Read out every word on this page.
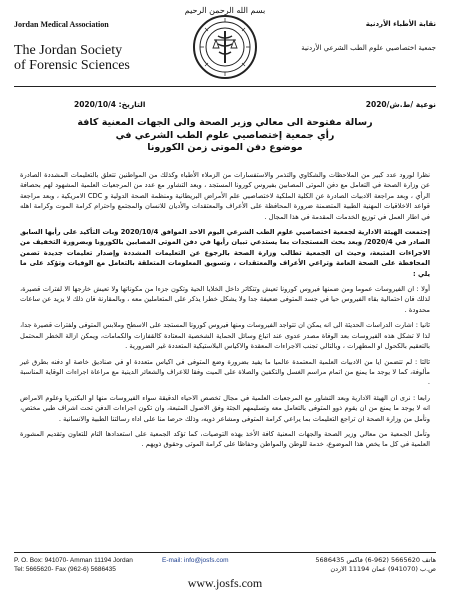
بسم الله الرحمن الرحيم
Jordan Medical Association
The Jordan Society
of Forensic Sciences
نقابة الأطباء الأردنية
جمعية اختصاصيي علوم الطب الشرعي الأردنية
نوعية /ط.ش/2020
التاريخ: 2020/10/4
رسالة مفتوحة الى معالي وزير الصحة والى الجهات المعنية كافة
رأي جمعية إختصاصيي علوم الطب الشرعي في
موضوع دفن الموتى زمن الكورونا

نظرا لورود عدد كبير من الملاحظات والشكاوي والتذمر والاستفسارات من الزملاء الأطباء وكذلك من المواطنين تتعلق بالتعليمات المشددة الصادرة عن وزارة الصحة في التعامل مع دفن الموتى المصابين بفيروس كورونا المستجد ، وبعد التشاور مع عدد من المرجعيات العلمية المشهود لهم بحصافة الرأي ، وبعد مراجعة الادبيات الصادرة عن الكلية الملكية لاختصاصيي علم الأمراض البريطانية ومنظمة الصحة الدولية و CDC الامريكية ، وبعد مراجعة قواعد الاخلاقيات المهنية الطبية المتضمنة ضرورة المحافظة على الأعراف والمعتقدات والأديان للانسان والمجتمع واحترام كرامة الموت وكرامة اهله في اطار العمل في توزيع الخدمات المقدمة في هذا المجال .

إجتمعت الهيئة الادارية لجمعية اختصاصيي علوم الطب الشرعي اليوم الاحد الموافق 2020/10/4 وبات التأكيد على رأيها السابق الصادر في 2020/4/ وبعد بحث المستجدات بما يستدعي تبيان رأيها في دفن الموتى المصابين بالكورونا وبضرورة التخفيف من الاجراءات المتبعة، وحيث ان الجمعية تطالب وزارة الصحة بالرجوع عن التعليمات المشددة وإصدار تعليمات جديدة تضمن المحافظة على الصحة العامة وتراعي الأعراف والمعتقدات ، وتسويق المعلومات المتعلقة بالتعامل مع الوفيات وتؤكد على ما يلي :

أولا : ان الفيروسات عموما ومن ضمنها فيروس كورونا تعيش وتتكاثر داخل الخلايا الحية وتكون جزءا من مكوناتها ولا تعيش خارجها الا لفترات قصيرة، لذلك فان احتمالية بقاء الفيروس حيا في جسد المتوفى ضعيفة جدا ولا يشكل خطرا يذكر على المتعاملين معه ، وبالمقارنة فان ذلك لا يزيد عن ساعات محدودة .

ثانيا : اشارت الدراسات الحديثة الى انه يمكن ان تتواجد الفيروسات ومنها فيروس كورونا المستجد على الاسطح وملابس المتوفى ولفترات قصيرة جدا، لذا لا تشكل هذه الفيروسات بعد الوفاة مصدر عدوى عند اتباع وسائل الحماية الشخصية المعتادة كالقفازات والكمامات، ويمكن ازالة الخطر المحتمل بالتعقيم بالكحول او المطهرات ، وبالتالي تجنب الاجراءات المعقدة والاكياس البلاستيكية المتعددة غير الضرورية .

ثالثا : لم تتضمن ايا من الادبيات العلمية المعتمدة عالميا ما يفيد بضرورة وضع المتوفى في اكياس متعددة او في صناديق خاصة او دفنه بطرق غير مألوفة، كما لا يوجد ما يمنع من اتمام مراسم الغسل والتكفين والصلاة على الميت وفقا للاعراف والشعائر الدينية مع مراعاة اجراءات الوقاية المناسبة .

رابعا : نرى ان الهيئة الادارية وبعد التشاور مع المرجعيات العلمية في مجال تخصص الاحياء الدقيقة سواء الفيروسات منها او البكتيريا وعلوم الامراض انه لا يوجد ما يمنع من ان يقوم ذوو المتوفى بالتعامل معه وتسليمهم الجثة وفق الاصول المتبعة، وان تكون اجراءات الدفن تحت اشراف طبي مختص، ونأمل من وزارة الصحة ان تراجع التعليمات بما يراعي كرامة المتوفى ومشاعر ذويه، وذلك حرصا منا على اداء رسالتنا الطبية والانسانية .

وتأمل الجمعية من معالي وزير الصحة والجهات المعنية كافة الأخذ بهذه التوصيات، كما تؤكد الجمعية على استعدادها التام للتعاون وتقديم المشورة العلمية في كل ما يخص هذا الموضوع، خدمة للوطن والمواطن وحفاظا على كرامة الموتى وحقوق ذويهم .

P. O. Box: 941070- Amman 11194 Jordan
Tel: 5665620- Fax (962-6) 5686435
E-mail: info@josfs.com	هاتف 5665620 (962-6) فاكس 5686435
ص.ب (941070) عمان 11194 الاردن
www.josfs.com
